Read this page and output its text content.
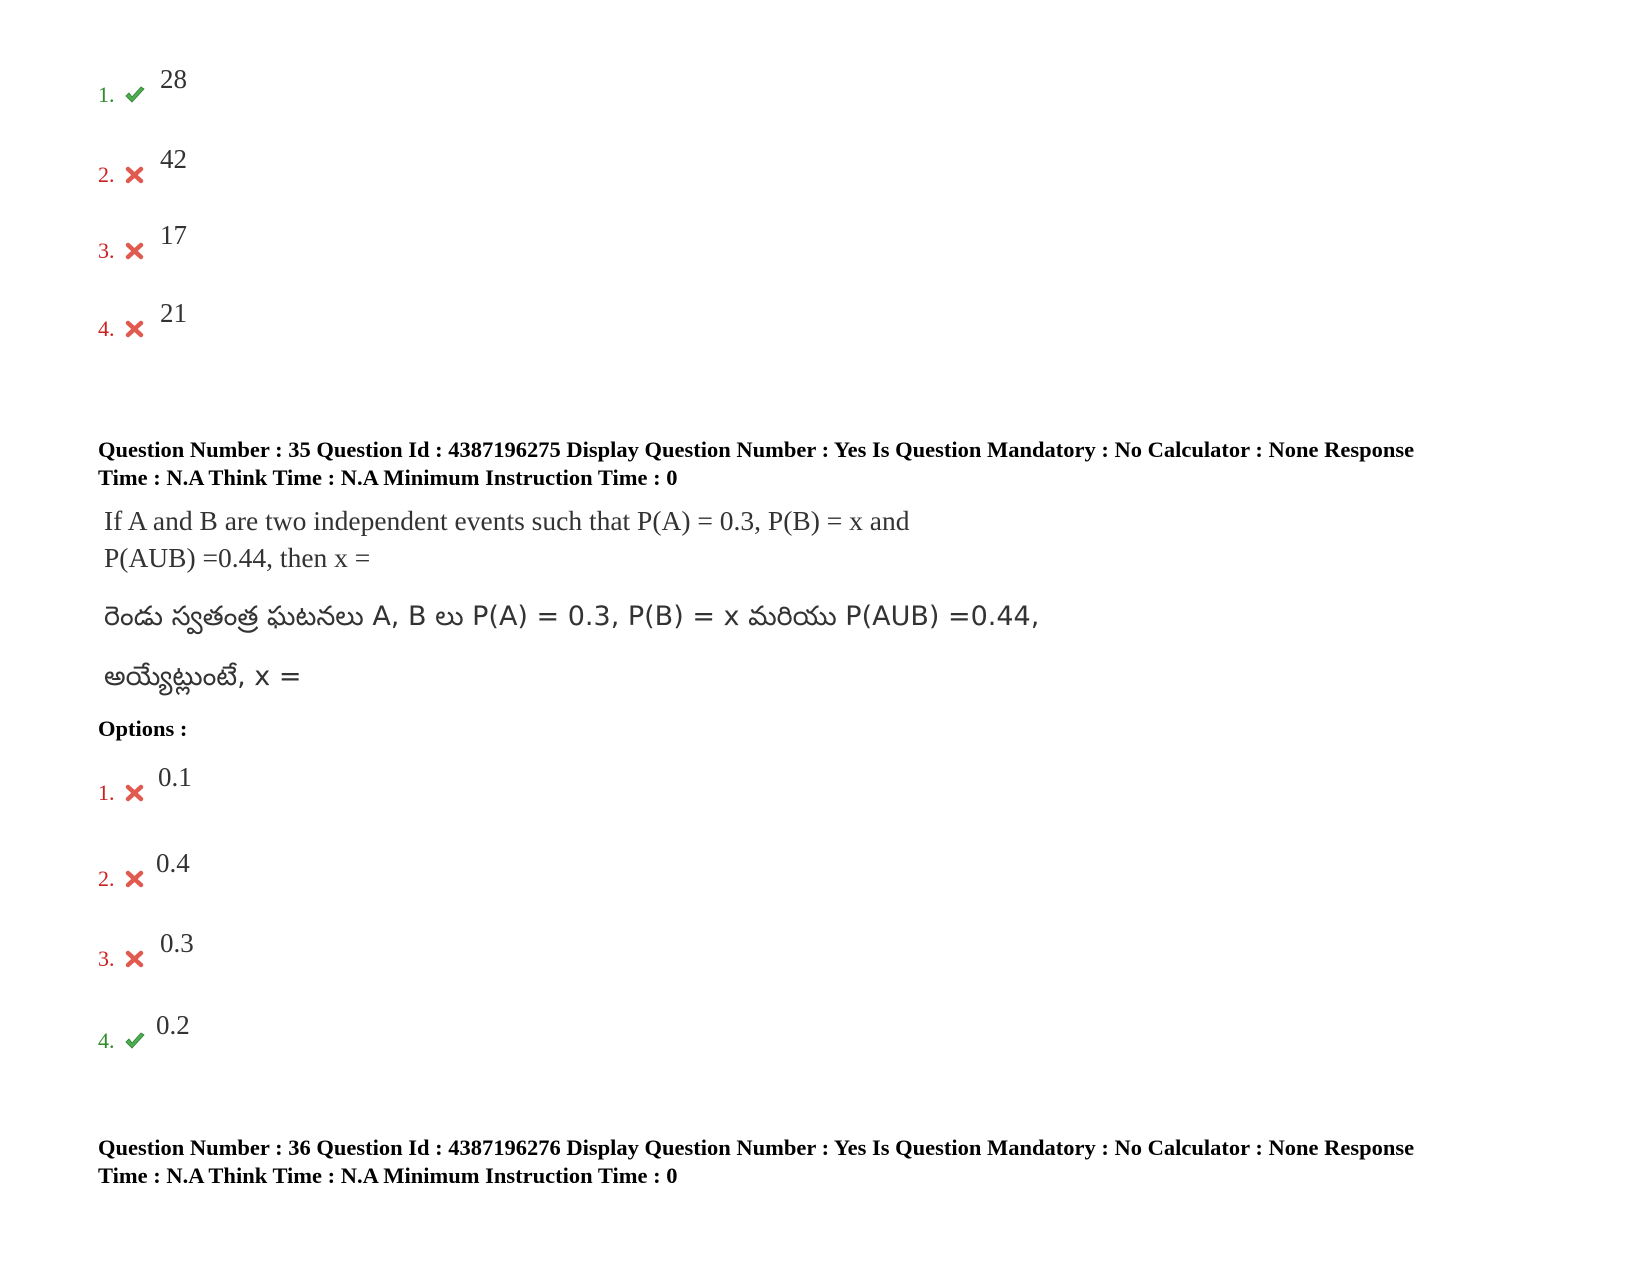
1.
28
2.
42
3.
17
4.
21
Question Number : 35 Question Id : 4387196275 Display Question Number : Yes Is Question Mandatory : No Calculator : None Response
Time : N.A Think Time : N.A Minimum Instruction Time : 0
If A and B are two independent events such that P(A) = 0.3, P(B) = x and
P(AUB) =0.44, then x =
రెండు స్వతంత్ర ఘటనలు A, B లు P(A) = 0.3, P(B) = x మరియు P(AUB) =0.44,
అయ్యేట్లుంటే, x =
Options :
1.
0.1
2.
0.4
3.
0.3
4.
0.2
Question Number : 36 Question Id : 4387196276 Display Question Number : Yes Is Question Mandatory : No Calculator : None Response
Time : N.A Think Time : N.A Minimum Instruction Time : 0
